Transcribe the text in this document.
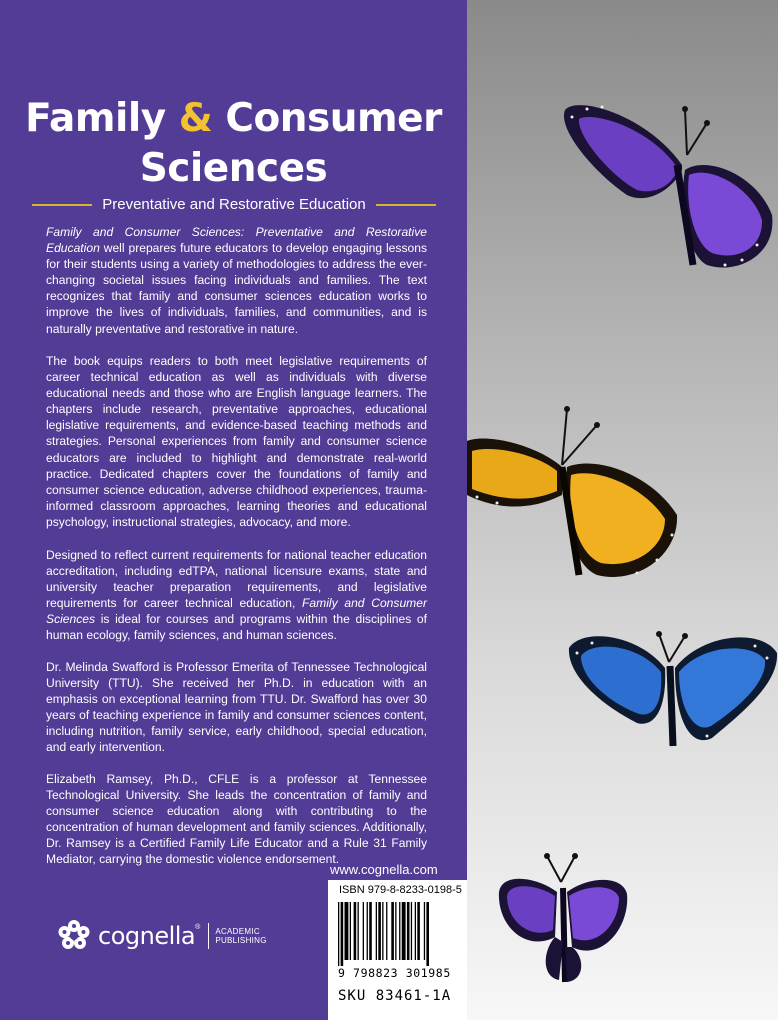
Family & Consumer
Sciences
Preventative and Restorative Education

Family and Consumer Sciences: Preventative and Restorative Education well prepares future educators to develop engaging lessons for their students using a variety of methodologies to address the ever-changing societal issues facing individuals and families. The text recognizes that family and consumer sciences education works to improve the lives of individuals, families, and communities, and is naturally preventative and restorative in nature.

The book equips readers to both meet legislative requirements of career technical education as well as individuals with diverse educational needs and those who are English language learners. The chapters include research, preventative approaches, educational legislative requirements, and evidence-based teaching methods and strategies. Personal experiences from family and consumer science educators are included to highlight and demonstrate real-world practice. Dedicated chapters cover the foundations of family and consumer science education, adverse childhood experiences, trauma-informed classroom approaches, learning theories and educational psychology, instructional strategies, advocacy, and more.

Designed to reflect current requirements for national teacher education accreditation, including edTPA, national licensure exams, state and university teacher preparation requirements, and legislative requirements for career technical education, Family and Consumer Sciences is ideal for courses and programs within the disciplines of human ecology, family sciences, and human sciences.

Dr. Melinda Swafford is Professor Emerita of Tennessee Technological University (TTU). She received her Ph.D. in education with an emphasis on exceptional learning from TTU. Dr. Swafford has over 30 years of teaching experience in family and consumer sciences content, including nutrition, family service, early childhood, special education, and early intervention.

Elizabeth Ramsey, Ph.D., CFLE is a professor at Tennessee Technological University. She leads the concentration of family and consumer science education along with contributing to the concentration of human development and family sciences. Additionally, Dr. Ramsey is a Certified Family Life Educator and a Rule 31 Family Mediator, carrying the domestic violence endorsement.

www.cognella.com
cognella ® ACADEMIC
PUBLISHING
ISBN 979-8-8233-0198-5
9 798823 301985
SKU 83461-1A
